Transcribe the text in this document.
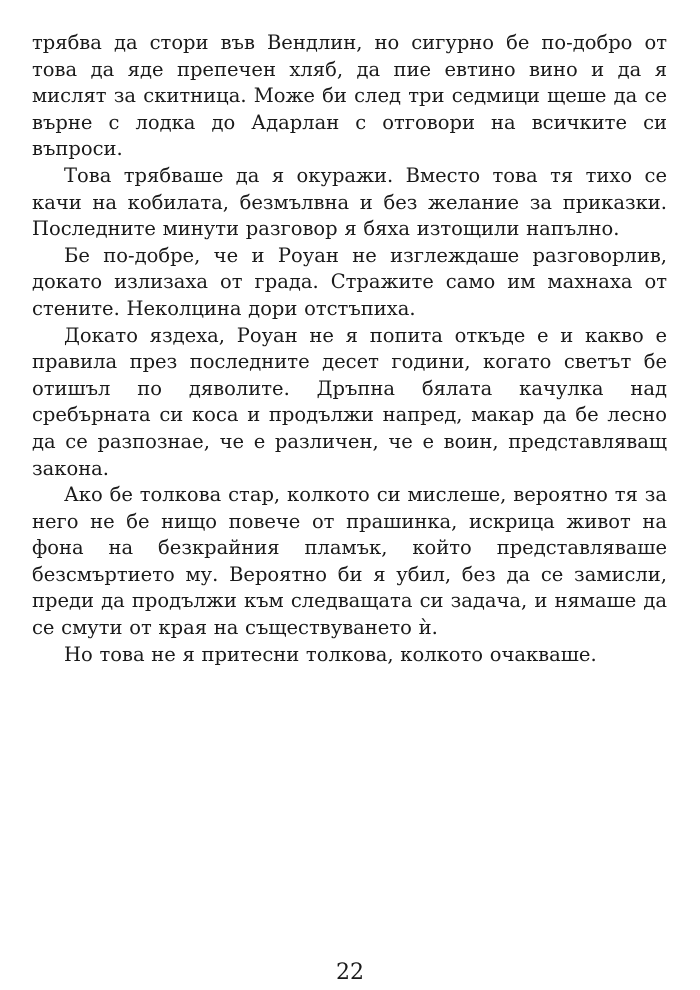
трябва да стори във Вендлин, но сигурно бе по-добро от това да яде препечен хляб, да пие евтино вино и да я мислят за скитница. Може би след три седмици щеше да се върне с лодка до Адарлан с отговори на всичките си въпроси.

Това трябваше да я окуражи. Вместо това тя тихо се качи на кобилата, безмълвна и без желание за приказки. Последните минути разговор я бяха изтощили напълно.

Бе по-добре, че и Роуан не изглеждаше разговорлив, докато излизаха от града. Стражите само им махнаха от стените. Неколцина дори отстъпиха.

Докато яздеха, Роуан не я попита откъде е и какво е правила през последните десет години, когато светът бе отишъл по дяволите. Дръпна бялата качулка над сребърната си коса и продължи напред, макар да бе лесно да се разпознае, че е различен, че е воин, представляващ закона.

Ако бе толкова стар, колкото си мислеше, вероятно тя за него не бе нищо повече от прашинка, искрица живот на фона на безкрайния пламък, който представляваше безсмъртието му. Вероятно би я убил, без да се замисли, преди да продължи към следващата си задача, и нямаше да се смути от края на съществуването ѝ.

Но това не я притесни толкова, колкото очакваше.

22
